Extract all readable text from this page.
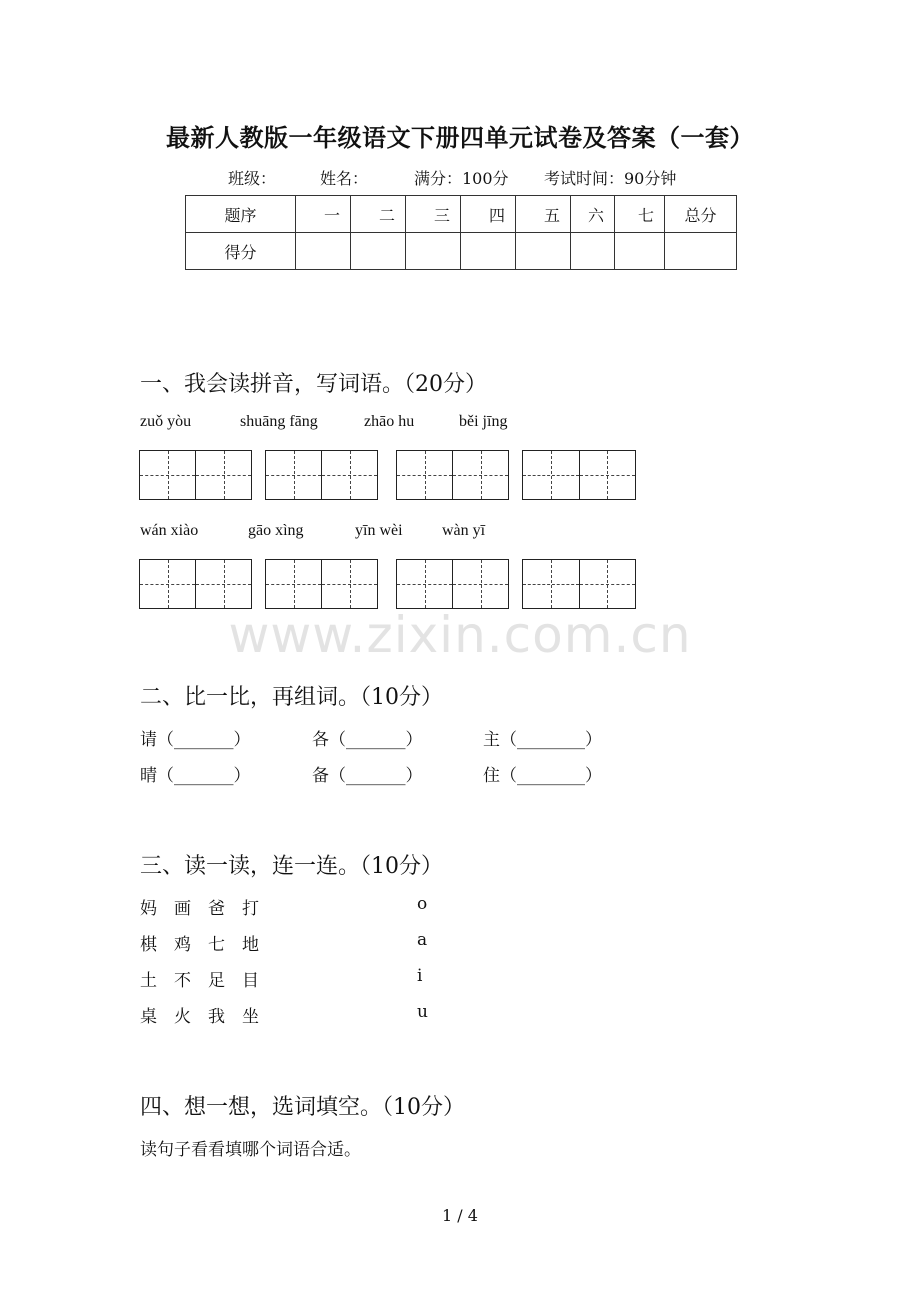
最新人教版一年级语文下册四单元试卷及答案（一套）
班级：	姓名：	满分：100分 考试时间：90分钟
题序	一	二	三	四	五	六	七	总分
得分								
一、我会读拼音，写词语。（20分）
zuǒ yòu	shuāng fāng	zhāo hu	běi jīng
wán xiào	gāo xìng	yīn wèi wàn yī
www.zixin.com.cn
二、比一比，再组词。（10分）
请（_______）	各（_______）	主（________）
晴（_______）	备（_______）	住（________）
三、读一读，连一连。（10分）
妈　画　爸　打	o
棋　鸡　七　地	a
土　不　足　目	i
桌　火　我　坐	u
四、想一想，选词填空。（10分）
读句子看看填哪个词语合适。
1 / 4
